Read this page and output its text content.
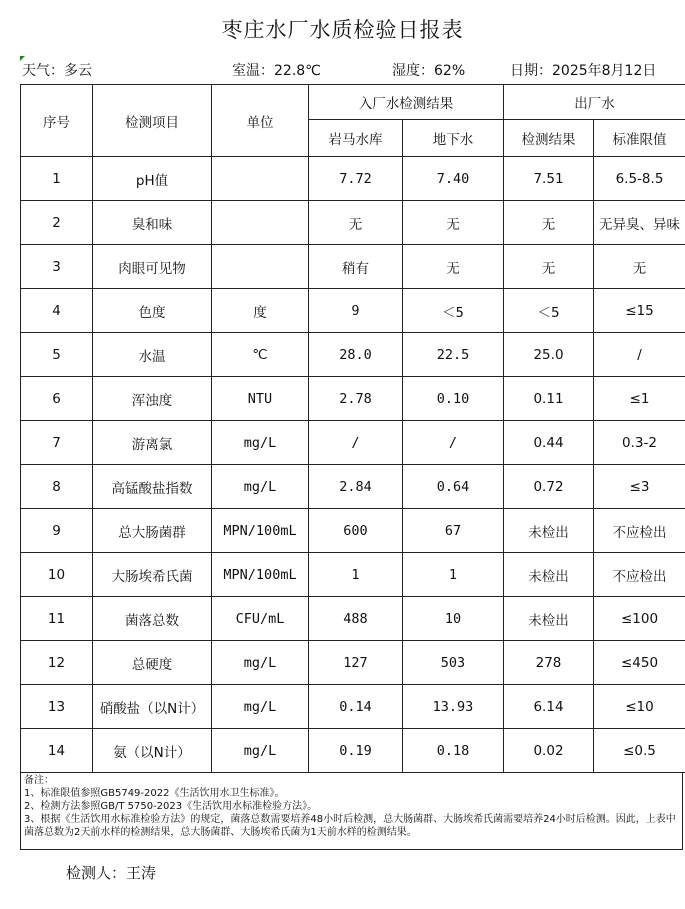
枣庄水厂水质检验日报表
天气：多云	室温：22.8℃	湿度：62%	日期：2025年8月12日
序号	检测项目	单位	入厂水检测结果		出厂水	
			岩马水库	地下水	检测结果	标准限值
1	pH值		7.72	7.40	7.51	6.5-8.5
2	臭和味		无	无	无	无异臭、异味
3	肉眼可见物		稍有	无	无	无
4	色度	度	9	＜5	＜5	≤15
5	水温	℃	28.0	22.5	25.0	/
6	浑浊度	NTU	2.78	0.10	0.11	≤1
7	游离氯	mg/L	/	/	0.44	0.3-2
8	高锰酸盐指数	mg/L	2.84	0.64	0.72	≤3
9	总大肠菌群	MPN/100mL	600	67	未检出	不应检出
10	大肠埃希氏菌	MPN/100mL	1	1	未检出	不应检出
11	菌落总数	CFU/mL	488	10	未检出	≤100
12	总硬度	mg/L	127	503	278	≤450
13	硝酸盐（以N计）	mg/L	0.14	13.93	6.14	≤10
14	氨（以N计）	mg/L	0.19	0.18	0.02	≤0.5
备注：
1、标准限值参照GB5749-2022《生活饮用水卫生标准》。
2、检测方法参照GB/T 5750-2023《生活饮用水标准检验方法》。
3、根据《生活饮用水标准检验方法》的规定，菌落总数需要培养48小时后检测，总大肠菌群、大肠埃希氏菌需要培养24小时后检测。因此，上表中菌落总数为2天前水样的检测结果，总大肠菌群、大肠埃希氏菌为1天前水样的检测结果。
检测人：王涛
